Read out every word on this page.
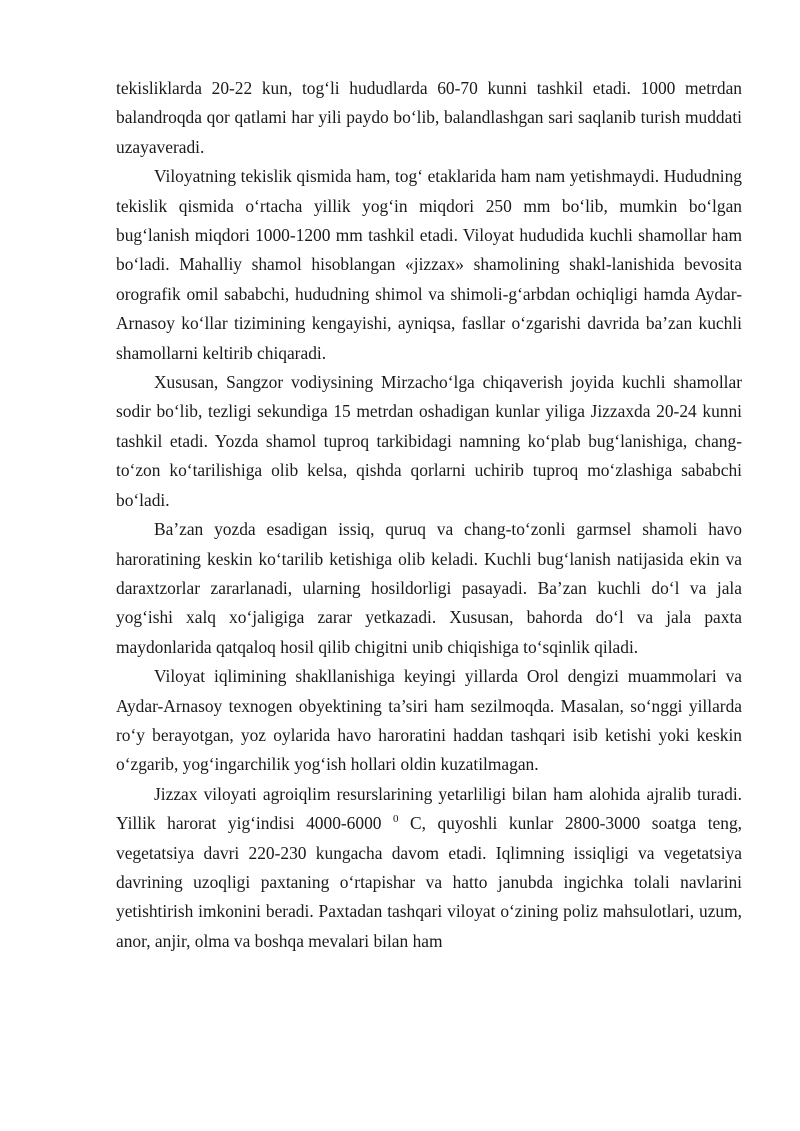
tekisliklarda 20-22 kun, tog‘li hududlarda 60-70 kunni tashkil etadi. 1000 metrdan balandroqda qor qatlami har yili paydo bo‘lib, balandlashgan sari saqlanib turish muddati uzayaveradi.

Viloyatning tekislik qismida ham, tog‘ etaklarida ham nam yetishmaydi. Hududning tekislik qismida o‘rtacha yillik yog‘in miqdori 250 mm bo‘lib, mumkin bo‘lgan bug‘lanish miqdori 1000-1200 mm tashkil etadi. Viloyat hududida kuchli shamollar ham bo‘ladi. Mahalliy shamol hisoblangan «jizzax» shamolining shakl-lanishida bevosita orografik omil sababchi, hududning shimol va shimoli-g‘arbdan ochiqligi hamda Aydar-Arnasoy ko‘llar tizimining kengayishi, ayniqsa, fasllar o‘zgarishi davrida ba’zan kuchli shamollarni keltirib chiqaradi.

Xususan, Sangzor vodiysining Mirzacho‘lga chiqaverish joyida kuchli shamollar sodir bo‘lib, tezligi sekundiga 15 metrdan oshadigan kunlar yiliga Jizzaxda 20-24 kunni tashkil etadi. Yozda shamol tuproq tarkibidagi namning ko‘plab bug‘lanishiga, chang-to‘zon ko‘tarilishiga olib kelsa, qishda qorlarni uchirib tuproq mo‘zlashiga sababchi bo‘ladi.

Ba’zan yozda esadigan issiq, quruq va chang-to‘zonli garmsel shamoli havo haroratining keskin ko‘tarilib ketishiga olib keladi. Kuchli bug‘lanish natijasida ekin va daraxtzorlar zararlanadi, ularning hosildorligi pasayadi. Ba’zan kuchli do‘l va jala yog‘ishi xalq xo‘jaligiga zarar yetkazadi. Xususan, bahorda do‘l va jala paxta maydonlarida qatqaloq hosil qilib chigitni unib chiqishiga to‘sqinlik qiladi.

Viloyat iqlimining shakllanishiga keyingi yillarda Orol dengizi muammolari va Aydar-Arnasoy texnogen obyektining ta’siri ham sezilmoqda. Masalan, so‘nggi yillarda ro‘y berayotgan, yoz oylarida havo haroratini haddan tashqari isib ketishi yoki keskin o‘zgarib, yog‘ingarchilik yog‘ish hollari oldin kuzatilmagan.

Jizzax viloyati agroiqlim resurslarining yetarliligi bilan ham alohida ajralib turadi. Yillik harorat yig‘indisi 4000-6000 $^0$ C, quyoshli kunlar 2800-3000 soatga teng, vegetatsiya davri 220-230 kungacha davom etadi. Iqlimning issiqligi va vegetatsiya davrining uzoqligi paxtaning o‘rtapishar va hatto janubda ingichka tolali navlarini yetishtirish imkonini beradi. Paxtadan tashqari viloyat o‘zining poliz mahsulotlari, uzum, anor, anjir, olma va boshqa mevalari bilan ham
